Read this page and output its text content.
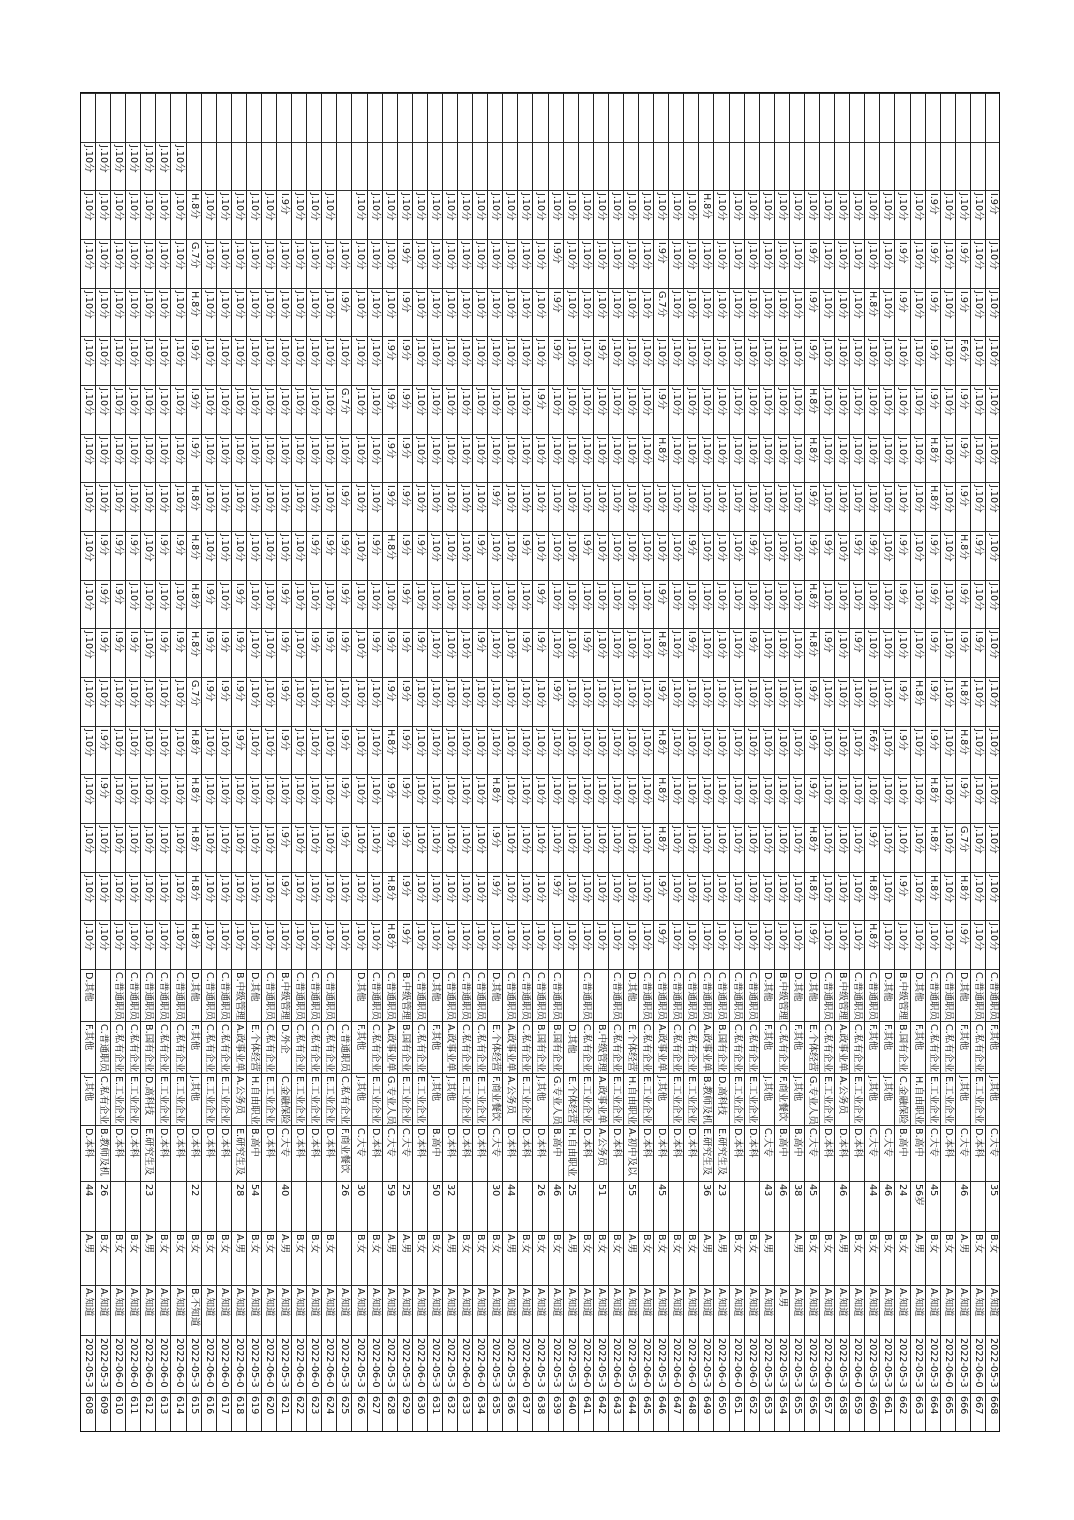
608
2022-05-3
A.知道
A.男
44
D.本科
J.其他
F.其他
D.其他
J.10分
J.10分
J.10分
J.10分
J.10分
J.10分
J.10分
J.10分
J.10分
J.10分
J.10分
J.10分
J.10分
J.10分
J.10分
J.10分
J.10分
609
2022-05-3
A.知道
B.女
26
B.教师及机
C.私有企业
C.普通职员
J.10分
J.10分
J.10分
I.9分
I.9分
J.10分
I.9分
I.9分
I.9分
J.10分
J.10分
J.10分
J.10分
J.10分
J.10分
J.10分
J.10分
610
2022-06-0
A.知道
B.女
D.本科
E.工业企业
C.私有企业
C.普通职员
J.10分
J.10分
J.10分
J.10分
J.10分
J.10分
I.9分
I.9分
I.9分
J.10分
J.10分
J.10分
J.10分
J.10分
J.10分
J.10分
J.10分
611
2022-06-0
A.知道
B.女
D.本科
E.工业企业
C.私有企业
C.普通职员
J.10分
J.10分
J.10分
J.10分
J.10分
J.10分
I.9分
J.10分
I.9分
J.10分
J.10分
J.10分
J.10分
J.10分
J.10分
J.10分
J.10分
612
2022-06-0
A.知道
A.男
23
E.研究生及
D.高科技
B.国有企业
C.普通职员
J.10分
J.10分
J.10分
J.10分
J.10分
J.10分
J.10分
J.10分
J.10分
J.10分
J.10分
J.10分
J.10分
J.10分
J.10分
J.10分
J.10分
613
2022-06-0
A.知道
B.女
D.本科
E.工业企业
C.私有企业
C.普通职员
J.10分
J.10分
J.10分
J.10分
J.10分
J.10分
I.9分
J.10分
I.9分
J.10分
J.10分
J.10分
J.10分
J.10分
J.10分
J.10分
J.10分
614
2022-06-0
A.知道
B.女
D.本科
E.工业企业
C.私有企业
C.普通职员
J.10分
J.10分
J.10分
J.10分
J.10分
J.10分
I.9分
J.10分
I.9分
J.10分
J.10分
J.10分
J.10分
J.10分
J.10分
J.10分
J.10分
615
2022-05-3
B.不知道
B.女
22
D.本科
J.其他
F.其他
D.其他
H.8分
H.8分
H.8分
H.8分
H.8分
G.7分
H.8分
H.8分
H.8分
H.8分
I.9分
I.9分
I.9分
H.8分
G.7分
H.8分
616
2022-06-0
A.知道
B.女
D.本科
E.工业企业
C.私有企业
C.普通职员
J.10分
J.10分
J.10分
J.10分
J.10分
I.9分
I.9分
I.9分
J.10分
J.10分
J.10分
J.10分
J.10分
J.10分
J.10分
J.10分
617
2022-06-0
A.知道
B.女
D.本科
E.工业企业
C.私有企业
C.普通职员
J.10分
J.10分
J.10分
J.10分
J.10分
I.9分
I.9分
J.10分
J.10分
J.10分
J.10分
J.10分
J.10分
J.10分
J.10分
J.10分
618
2022-06-0
A.知道
A.男
28
E.研究生及
A.公务员
A.政事业单
B.中级管理
J.10分
J.10分
J.10分
J.10分
I.9分
I.9分
I.9分
I.9分
J.10分
J.10分
J.10分
J.10分
J.10分
J.10分
J.10分
J.10分
619
2022-05-3
A.知道
B.女
54
B.高中
H.自由职业
E.个体经营
D.其他
J.10分
J.10分
J.10分
J.10分
J.10分
J.10分
J.10分
J.10分
J.10分
J.10分
J.10分
J.10分
J.10分
J.10分
J.10分
J.10分
620
2022-06-0
A.知道
B.女
D.本科
E.工业企业
C.私有企业
C.普通职员
J.10分
J.10分
J.10分
J.10分
J.10分
J.10分
J.10分
J.10分
J.10分
J.10分
J.10分
J.10分
J.10分
J.10分
J.10分
J.10分
621
2022-05-3
A.知道
A.男
40
C.大专
C.金融保险
D.外企
B.中级管理
J.10分
I.9分
I.9分
J.10分
I.9分
I.9分
I.9分
I.9分
J.10分
J.10分
J.10分
J.10分
J.10分
J.10分
J.10分
I.9分
622
2022-06-0
A.知道
B.女
D.本科
E.工业企业
C.私有企业
C.普通职员
J.10分
J.10分
J.10分
J.10分
J.10分
J.10分
J.10分
J.10分
J.10分
J.10分
J.10分
J.10分
J.10分
J.10分
J.10分
J.10分
623
2022-06-0
A.知道
B.女
D.本科
E.工业企业
C.私有企业
C.普通职员
J.10分
J.10分
J.10分
J.10分
J.10分
J.10分
I.9分
J.10分
I.9分
J.10分
J.10分
J.10分
J.10分
J.10分
J.10分
J.10分
624
2022-06-0
A.知道
B.女
D.本科
E.工业企业
C.私有企业
C.普通职员
J.10分
J.10分
J.10分
J.10分
J.10分
J.10分
I.9分
J.10分
I.9分
J.10分
J.10分
J.10分
J.10分
J.10分
J.10分
J.10分
625
2022-05-3
A.知道
26
F.商业餐饮
C.私有企业
C.普通职员
J.10分
J.10分
I.9分
I.9分
I.9分
J.10分
I.9分
I.9分
I.9分
I.9分
J.10分
G.7分
J.10分
I.9分
J.10分
626
2022-05-3
A.知道
B.女
30
C.大专
J.其他
F.其他
D.其他
J.10分
J.10分
J.10分
J.10分
J.10分
J.10分
J.10分
J.10分
J.10分
J.10分
J.10分
J.10分
J.10分
J.10分
J.10分
J.10分
627
2022-06-0
A.知道
B.女
D.本科
E.工业企业
C.私有企业
C.普通职员
J.10分
J.10分
J.10分
J.10分
J.10分
J.10分
I.9分
J.10分
I.9分
J.10分
J.10分
J.10分
J.10分
J.10分
J.10分
J.10分
628
2022-05-3
A.知道
A.男
59
C.大专
G.专业人员
A.政事业单
C.普通职员
H.8分
H.8分
I.9分
I.9分
H.8分
I.9分
I.9分
J.10分
H.8分
I.9分
I.9分
I.9分
I.9分
J.10分
J.10分
J.10分
629
2022-05-3
A.知道
A.男
25
C.大专
E.工业企业
B.国有企业
B.中级管理
I.9分
I.9分
I.9分
I.9分
I.9分
I.9分
I.9分
I.9分
I.9分
I.9分
I.9分
I.9分
I.9分
I.9分
I.9分
J.10分
630
2022-06-0
A.知道
B.女
D.本科
E.工业企业
C.私有企业
C.普通职员
J.10分
J.10分
J.10分
J.10分
J.10分
J.10分
I.9分
J.10分
I.9分
J.10分
J.10分
J.10分
J.10分
J.10分
J.10分
J.10分
631
2022-05-3
A.知道
B.女
50
B.高中
J.其他
F.其他
D.其他
J.10分
J.10分
J.10分
J.10分
J.10分
J.10分
J.10分
J.10分
J.10分
J.10分
J.10分
J.10分
J.10分
J.10分
J.10分
J.10分
632
2022-05-3
A.知道
A.男
32
D.本科
J.其他
A.政事业单
C.普通职员
J.10分
J.10分
J.10分
J.10分
J.10分
J.10分
J.10分
J.10分
J.10分
J.10分
J.10分
J.10分
J.10分
J.10分
J.10分
J.10分
633
2022-06-0
A.知道
B.女
D.本科
E.工业企业
C.私有企业
C.普通职员
J.10分
J.10分
J.10分
J.10分
J.10分
J.10分
J.10分
J.10分
J.10分
J.10分
J.10分
J.10分
J.10分
J.10分
J.10分
J.10分
634
2022-06-0
A.知道
B.女
D.本科
E.工业企业
C.私有企业
C.普通职员
J.10分
J.10分
J.10分
J.10分
J.10分
J.10分
I.9分
J.10分
I.9分
J.10分
J.10分
J.10分
J.10分
J.10分
J.10分
J.10分
635
2022-05-3
A.知道
B.女
30
C.大专
F.商业餐饮
E.个体经营
D.其他
J.10分
I.9分
I.9分
H.8分
J.10分
J.10分
J.10分
J.10分
J.10分
I.9分
J.10分
J.10分
J.10分
J.10分
J.10分
J.10分
636
2022-05-3
A.知道
A.男
44
D.本科
A.公务员
A.政事业单
C.普通职员
J.10分
J.10分
J.10分
J.10分
J.10分
J.10分
J.10分
J.10分
J.10分
J.10分
J.10分
J.10分
J.10分
J.10分
J.10分
J.10分
637
2022-06-0
A.知道
B.女
D.本科
E.工业企业
C.私有企业
C.普通职员
J.10分
J.10分
J.10分
J.10分
J.10分
J.10分
I.9分
J.10分
I.9分
J.10分
J.10分
J.10分
J.10分
J.10分
J.10分
J.10分
638
2022-05-3
A.知道
B.女
26
D.本科
J.其他
B.国有企业
C.普通职员
J.10分
J.10分
J.10分
J.10分
J.10分
J.10分
I.9分
I.9分
J.10分
J.10分
J.10分
I.9分
J.10分
J.10分
J.10分
J.10分
639
2022-05-3
A.知道
B.女
46
B.高中
G.专业人员
B.国有企业
C.普通职员
J.10分
I.9分
J.10分
J.10分
J.10分
I.9分
J.10分
J.10分
J.10分
J.10分
J.10分
J.10分
I.9分
I.9分
I.9分
J.10分
640
2022-05-3
A.知道
A.男
25
H.自由职业
E.个体经营
D.其他
J.10分
J.10分
J.10分
J.10分
J.10分
J.10分
J.10分
J.10分
J.10分
J.10分
J.10分
J.10分
J.10分
J.10分
J.10分
J.10分
641
2022-06-0
A.知道
B.女
D.本科
E.工业企业
C.私有企业
C.普通职员
J.10分
J.10分
J.10分
J.10分
J.10分
J.10分
I.9分
J.10分
I.9分
J.10分
J.10分
J.10分
J.10分
J.10分
J.10分
J.10分
642
2022-05-3
A.知道
B.女
51
A.公务员
A.政事业单
B.中级管理
J.10分
J.10分
J.10分
J.10分
J.10分
J.10分
J.10分
J.10分
J.10分
J.10分
J.10分
J.10分
I.9分
J.10分
J.10分
J.10分
643
2022-06-0
A.知道
B.女
D.本科
E.工业企业
C.私有企业
C.普通职员
J.10分
J.10分
J.10分
J.10分
J.10分
J.10分
J.10分
J.10分
J.10分
J.10分
J.10分
J.10分
J.10分
J.10分
J.10分
J.10分
644
2022-05-3
A.知道
A.男
55
A.初中及以
H.自由职业
E.个体经营
D.其他
J.10分
J.10分
J.10分
J.10分
J.10分
J.10分
J.10分
J.10分
J.10分
J.10分
J.10分
J.10分
J.10分
J.10分
J.10分
J.10分
645
2022-06-0
A.知道
B.女
D.本科
E.工业企业
C.私有企业
C.普通职员
J.10分
J.10分
J.10分
J.10分
J.10分
J.10分
J.10分
J.10分
J.10分
J.10分
J.10分
J.10分
J.10分
J.10分
J.10分
J.10分
646
2022-05-3
A.知道
B.女
45
D.本科
J.其他
A.政事业单
C.普通职员
I.9分
I.9分
H.8分
H.8分
H.8分
I.9分
H.8分
I.9分
J.10分
J.10分
H.8分
I.9分
J.10分
G.7分
I.9分
J.10分
647
2022-06-0
A.知道
B.女
D.本科
E.工业企业
C.私有企业
C.普通职员
J.10分
J.10分
J.10分
J.10分
J.10分
J.10分
J.10分
J.10分
J.10分
J.10分
J.10分
J.10分
J.10分
J.10分
J.10分
J.10分
648
2022-06-0
A.知道
B.女
D.本科
E.工业企业
C.私有企业
C.普通职员
J.10分
J.10分
J.10分
J.10分
J.10分
J.10分
I.9分
J.10分
I.9分
J.10分
J.10分
J.10分
J.10分
J.10分
J.10分
J.10分
649
2022-05-3
A.知道
A.男
36
E.研究生及
B.教师及机
A.政事业单
C.普通职员
J.10分
J.10分
J.10分
J.10分
J.10分
J.10分
J.10分
J.10分
J.10分
J.10分
J.10分
J.10分
J.10分
J.10分
J.10分
H.8分
650
2022-06-0
A.知道
A.男
23
E.研究生及
D.高科技
B.国有企业
C.普通职员
J.10分
J.10分
J.10分
J.10分
J.10分
J.10分
J.10分
J.10分
J.10分
J.10分
J.10分
J.10分
J.10分
J.10分
J.10分
J.10分
651
2022-06-0
A.知道
B.女
D.本科
E.工业企业
C.私有企业
C.普通职员
J.10分
J.10分
J.10分
J.10分
J.10分
J.10分
J.10分
J.10分
J.10分
J.10分
J.10分
J.10分
J.10分
J.10分
J.10分
J.10分
652
2022-06-0
A.知道
B.女
D.本科
E.工业企业
C.私有企业
C.普通职员
J.10分
J.10分
J.10分
J.10分
J.10分
J.10分
I.9分
J.10分
I.9分
J.10分
J.10分
J.10分
J.10分
J.10分
J.10分
J.10分
653
2022-05-3
A.知道
A.男
43
C.大专
J.其他
F.其他
D.其他
J.10分
J.10分
J.10分
J.10分
J.10分
J.10分
J.10分
J.10分
J.10分
J.10分
J.10分
J.10分
J.10分
J.10分
J.10分
J.10分
654
2022-05-3
A.男
46
B.高中
F.商业餐饮
C.私有企业
B.中级管理
J.10分
J.10分
J.10分
J.10分
J.10分
J.10分
J.10分
J.10分
J.10分
J.10分
J.10分
J.10分
J.10分
J.10分
J.10分
J.10分
655
2022-05-3
A.知道
A.男
38
B.高中
J.其他
F.其他
D.其他
J.10分
J.10分
J.10分
J.10分
J.10分
J.10分
J.10分
J.10分
J.10分
J.10分
J.10分
J.10分
J.10分
J.10分
J.10分
J.10分
656
2022-05-3
A.知道
B.女
45
C.大专
G.专业人员
E.个体经营
D.其他
I.9分
H.8分
H.8分
I.9分
I.9分
I.9分
H.8分
H.8分
I.9分
I.9分
H.8分
H.8分
I.9分
I.9分
I.9分
J.10分
657
2022-06-0
A.知道
B.女
D.本科
E.工业企业
C.私有企业
C.普通职员
J.10分
J.10分
J.10分
J.10分
J.10分
J.10分
I.9分
J.10分
I.9分
J.10分
J.10分
J.10分
J.10分
J.10分
J.10分
J.10分
658
2022-05-3
A.知道
A.男
46
D.本科
A.公务员
A.政事业单
B.中级管理
J.10分
J.10分
J.10分
J.10分
J.10分
J.10分
J.10分
J.10分
J.10分
J.10分
J.10分
J.10分
J.10分
J.10分
J.10分
J.10分
659
2022-06-0
A.知道
B.女
D.本科
E.工业企业
C.私有企业
C.普通职员
J.10分
J.10分
J.10分
J.10分
J.10分
J.10分
I.9分
J.10分
I.9分
J.10分
J.10分
J.10分
J.10分
J.10分
J.10分
J.10分
660
2022-05-3
A.知道
B.女
44
C.大专
J.其他
F.其他
C.普通职员
H.8分
H.8分
I.9分
J.10分
F.6分
J.10分
J.10分
J.10分
I.9分
J.10分
J.10分
J.10分
J.10分
H.8分
J.10分
J.10分
661
2022-05-3
A.知道
B.女
46
C.大专
J.其他
F.其他
D.其他
J.10分
J.10分
J.10分
J.10分
J.10分
J.10分
J.10分
J.10分
J.10分
J.10分
J.10分
J.10分
J.10分
J.10分
J.10分
J.10分
662
2022-05-3
A.知道
B.女
24
B.高中
C.金融保险
B.国有企业
B.中级管理
J.10分
I.9分
J.10分
J.10分
I.9分
I.9分
J.10分
I.9分
I.9分
J.10分
J.10分
J.10分
J.10分
I.9分
I.9分
J.10分
663
2022-05-3
A.知道
A.男
56岁
B.高中
H.自由职业
F.其他
D.其他
J.10分
J.10分
J.10分
J.10分
J.10分
H.8分
J.10分
J.10分
J.10分
J.10分
J.10分
J.10分
J.10分
J.10分
J.10分
J.10分
664
2022-05-3
A.知道
B.女
45
C.大专
E.工业企业
C.私有企业
C.普通职员
J.10分
H.8分
H.8分
H.8分
I.9分
I.9分
I.9分
I.9分
I.9分
H.8分
H.8分
I.9分
I.9分
I.9分
I.9分
I.9分
665
2022-06-0
A.知道
B.女
D.本科
E.工业企业
C.私有企业
C.普通职员
J.10分
J.10分
J.10分
J.10分
J.10分
J.10分
J.10分
J.10分
J.10分
J.10分
J.10分
J.10分
J.10分
J.10分
J.10分
J.10分
666
2022-05-3
A.知道
A.男
46
C.大专
J.其他
F.其他
D.其他
I.9分
H.8分
G.7分
I.9分
H.8分
H.8分
I.9分
I.9分
H.8分
I.9分
I.9分
I.9分
F.6分
I.9分
I.9分
J.10分
667
2022-06-0
A.知道
B.女
D.本科
E.工业企业
C.私有企业
C.普通职员
J.10分
J.10分
J.10分
J.10分
J.10分
J.10分
I.9分
J.10分
I.9分
J.10分
J.10分
J.10分
J.10分
J.10分
J.10分
J.10分
668
2022-05-3
A.知道
B.女
35
C.大专
J.其他
F.其他
C.普通职员
J.10分
J.10分
J.10分
J.10分
J.10分
J.10分
J.10分
J.10分
J.10分
J.10分
J.10分
J.10分
J.10分
J.10分
J.10分
I.9分
